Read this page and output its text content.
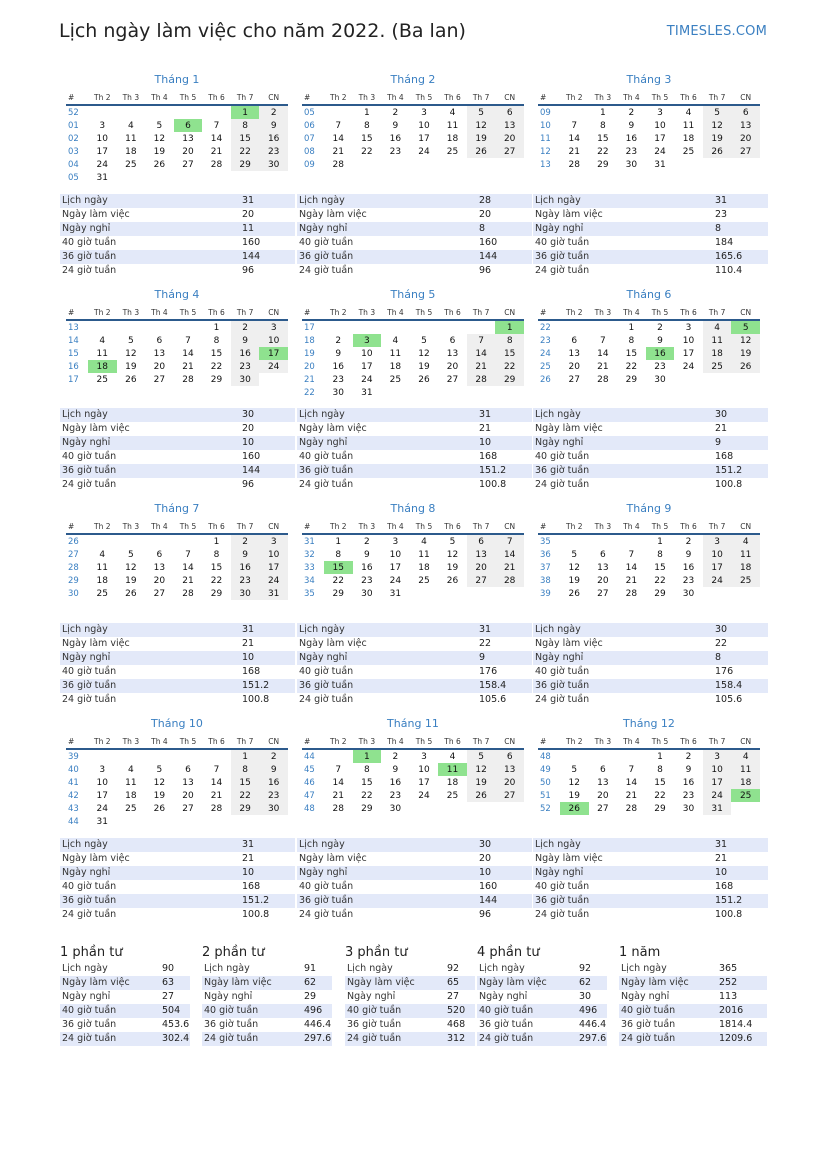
Lịch ngày làm việc cho năm 2022. (Ba lan)	TIMESLES.COM
Tháng 1
#	Th 2	Th 3	Th 4	Th 5	Th 6	Th 7	CN
52						1	2
01	3	4	5	6	7	8	9
02	10	11	12	13	14	15	16
03	17	18	19	20	21	22	23
04	24	25	26	27	28	29	30
05	31						
Lịch ngày	31
Ngày làm việc	20
Ngày nghỉ	11
40 giờ tuần	160
36 giờ tuần	144
24 giờ tuần	96
Tháng 2
#	Th 2	Th 3	Th 4	Th 5	Th 6	Th 7	CN
05		1	2	3	4	5	6
06	7	8	9	10	11	12	13
07	14	15	16	17	18	19	20
08	21	22	23	24	25	26	27
09	28						
Lịch ngày	28
Ngày làm việc	20
Ngày nghỉ	8
40 giờ tuần	160
36 giờ tuần	144
24 giờ tuần	96
Tháng 3
#	Th 2	Th 3	Th 4	Th 5	Th 6	Th 7	CN
09		1	2	3	4	5	6
10	7	8	9	10	11	12	13
11	14	15	16	17	18	19	20
12	21	22	23	24	25	26	27
13	28	29	30	31			
Lịch ngày	31
Ngày làm việc	23
Ngày nghỉ	8
40 giờ tuần	184
36 giờ tuần	165.6
24 giờ tuần	110.4
Tháng 4
#	Th 2	Th 3	Th 4	Th 5	Th 6	Th 7	CN
13					1	2	3
14	4	5	6	7	8	9	10
15	11	12	13	14	15	16	17
16	18	19	20	21	22	23	24
17	25	26	27	28	29	30	
Lịch ngày	30
Ngày làm việc	20
Ngày nghỉ	10
40 giờ tuần	160
36 giờ tuần	144
24 giờ tuần	96
Tháng 5
#	Th 2	Th 3	Th 4	Th 5	Th 6	Th 7	CN
17							1
18	2	3	4	5	6	7	8
19	9	10	11	12	13	14	15
20	16	17	18	19	20	21	22
21	23	24	25	26	27	28	29
22	30	31					
Lịch ngày	31
Ngày làm việc	21
Ngày nghỉ	10
40 giờ tuần	168
36 giờ tuần	151.2
24 giờ tuần	100.8
Tháng 6
#	Th 2	Th 3	Th 4	Th 5	Th 6	Th 7	CN
22			1	2	3	4	5
23	6	7	8	9	10	11	12
24	13	14	15	16	17	18	19
25	20	21	22	23	24	25	26
26	27	28	29	30			
Lịch ngày	30
Ngày làm việc	21
Ngày nghỉ	9
40 giờ tuần	168
36 giờ tuần	151.2
24 giờ tuần	100.8
Tháng 7
#	Th 2	Th 3	Th 4	Th 5	Th 6	Th 7	CN
26					1	2	3
27	4	5	6	7	8	9	10
28	11	12	13	14	15	16	17
29	18	19	20	21	22	23	24
30	25	26	27	28	29	30	31
Lịch ngày	31
Ngày làm việc	21
Ngày nghỉ	10
40 giờ tuần	168
36 giờ tuần	151.2
24 giờ tuần	100.8
Tháng 8
#	Th 2	Th 3	Th 4	Th 5	Th 6	Th 7	CN
31	1	2	3	4	5	6	7
32	8	9	10	11	12	13	14
33	15	16	17	18	19	20	21
34	22	23	24	25	26	27	28
35	29	30	31				
Lịch ngày	31
Ngày làm việc	22
Ngày nghỉ	9
40 giờ tuần	176
36 giờ tuần	158.4
24 giờ tuần	105.6
Tháng 9
#	Th 2	Th 3	Th 4	Th 5	Th 6	Th 7	CN
35				1	2	3	4
36	5	6	7	8	9	10	11
37	12	13	14	15	16	17	18
38	19	20	21	22	23	24	25
39	26	27	28	29	30		
Lịch ngày	30
Ngày làm việc	22
Ngày nghỉ	8
40 giờ tuần	176
36 giờ tuần	158.4
24 giờ tuần	105.6
Tháng 10
#	Th 2	Th 3	Th 4	Th 5	Th 6	Th 7	CN
39						1	2
40	3	4	5	6	7	8	9
41	10	11	12	13	14	15	16
42	17	18	19	20	21	22	23
43	24	25	26	27	28	29	30
44	31						
Lịch ngày	31
Ngày làm việc	21
Ngày nghỉ	10
40 giờ tuần	168
36 giờ tuần	151.2
24 giờ tuần	100.8
Tháng 11
#	Th 2	Th 3	Th 4	Th 5	Th 6	Th 7	CN
44		1	2	3	4	5	6
45	7	8	9	10	11	12	13
46	14	15	16	17	18	19	20
47	21	22	23	24	25	26	27
48	28	29	30				
Lịch ngày	30
Ngày làm việc	20
Ngày nghỉ	10
40 giờ tuần	160
36 giờ tuần	144
24 giờ tuần	96
Tháng 12
#	Th 2	Th 3	Th 4	Th 5	Th 6	Th 7	CN
48				1	2	3	4
49	5	6	7	8	9	10	11
50	12	13	14	15	16	17	18
51	19	20	21	22	23	24	25
52	26	27	28	29	30	31	
Lịch ngày	31
Ngày làm việc	21
Ngày nghỉ	10
40 giờ tuần	168
36 giờ tuần	151.2
24 giờ tuần	100.8
1 phần tư
Lịch ngày	90
Ngày làm việc	63
Ngày nghỉ	27
40 giờ tuần	504
36 giờ tuần	453.6
24 giờ tuần	302.4
2 phần tư
Lịch ngày	91
Ngày làm việc	62
Ngày nghỉ	29
40 giờ tuần	496
36 giờ tuần	446.4
24 giờ tuần	297.6
3 phần tư
Lịch ngày	92
Ngày làm việc	65
Ngày nghỉ	27
40 giờ tuần	520
36 giờ tuần	468
24 giờ tuần	312
4 phần tư
Lịch ngày	92
Ngày làm việc	62
Ngày nghỉ	30
40 giờ tuần	496
36 giờ tuần	446.4
24 giờ tuần	297.6
1 năm
Lịch ngày	365
Ngày làm việc	252
Ngày nghỉ	113
40 giờ tuần	2016
36 giờ tuần	1814.4
24 giờ tuần	1209.6
